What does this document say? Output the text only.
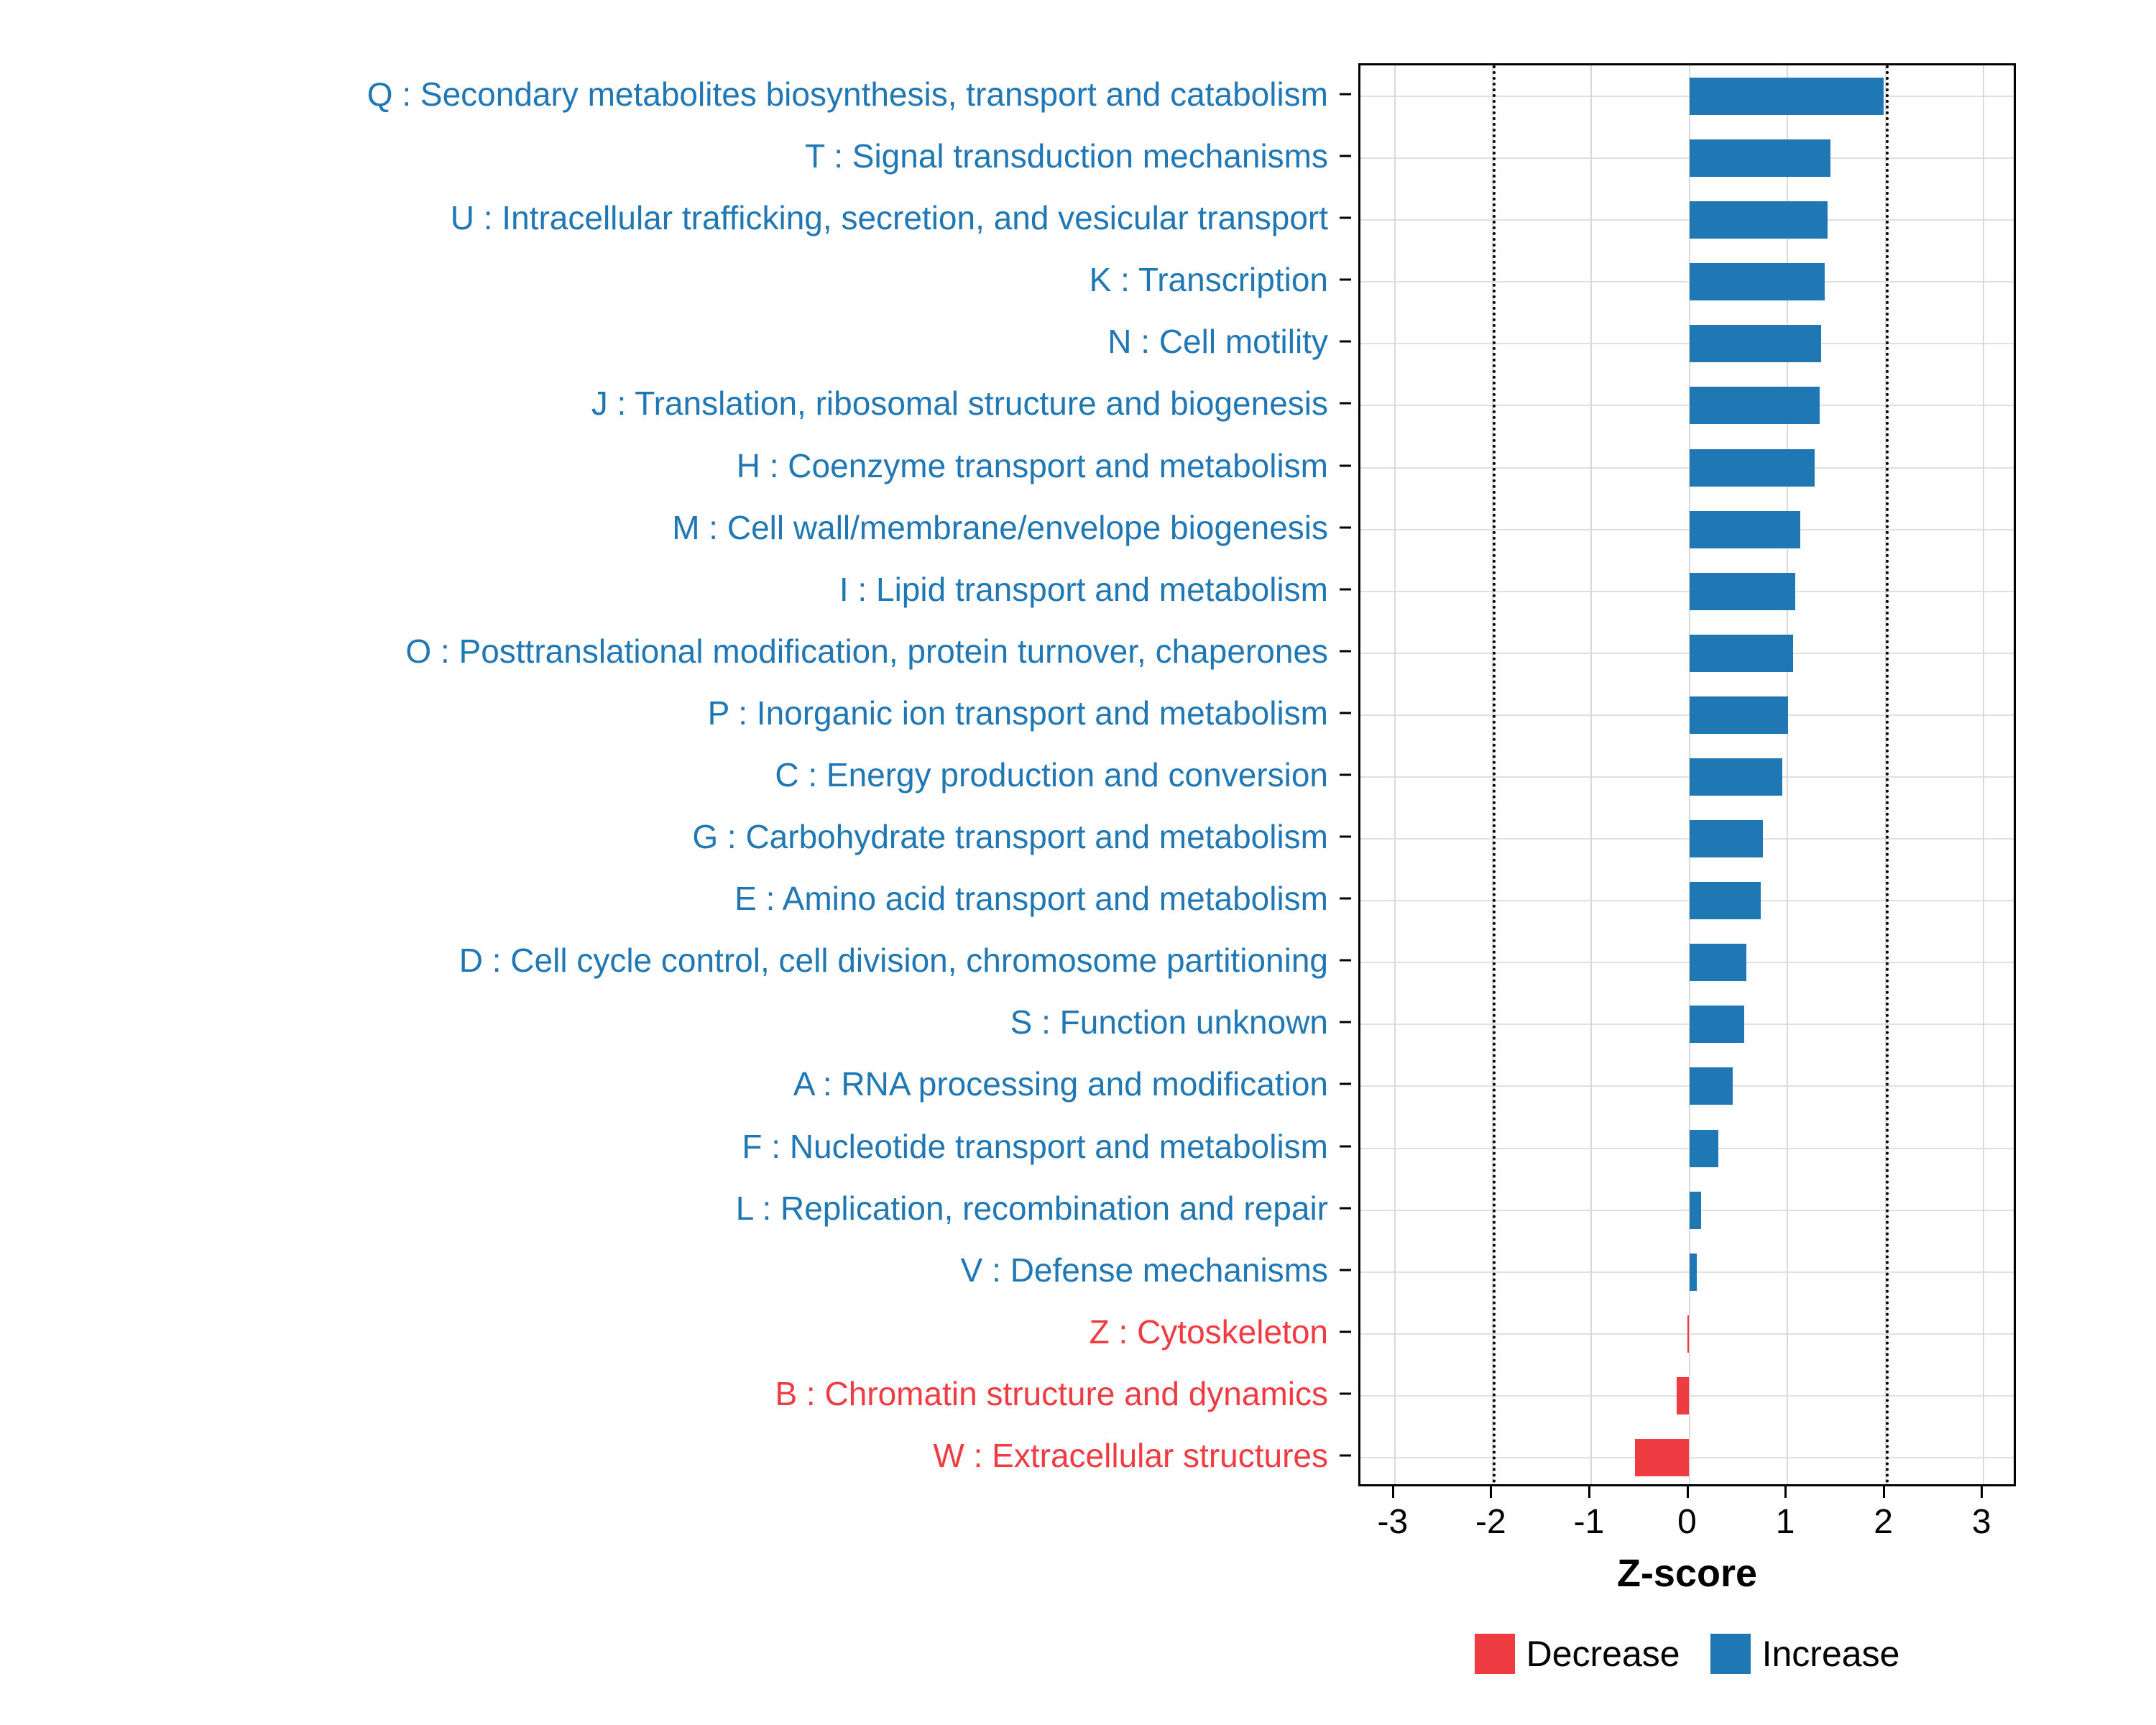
Q : Secondary metabolites biosynthesis, transport and catabolism
T : Signal transduction mechanisms
U : Intracellular trafficking, secretion, and vesicular transport
K : Transcription
N : Cell motility
J : Translation, ribosomal structure and biogenesis
H : Coenzyme transport and metabolism
M : Cell wall/membrane/envelope biogenesis
I : Lipid transport and metabolism
O : Posttranslational modification, protein turnover, chaperones
P : Inorganic ion transport and metabolism
C : Energy production and conversion
G : Carbohydrate transport and metabolism
E : Amino acid transport and metabolism
D : Cell cycle control, cell division, chromosome partitioning
S : Function unknown
A : RNA processing and modification
F : Nucleotide transport and metabolism
L : Replication, recombination and repair
V : Defense mechanisms
Z : Cytoskeleton
B : Chromatin structure and dynamics
W : Extracellular structures
-3 -2 -1 0 1 2 3
Z-score
Decrease Increase
